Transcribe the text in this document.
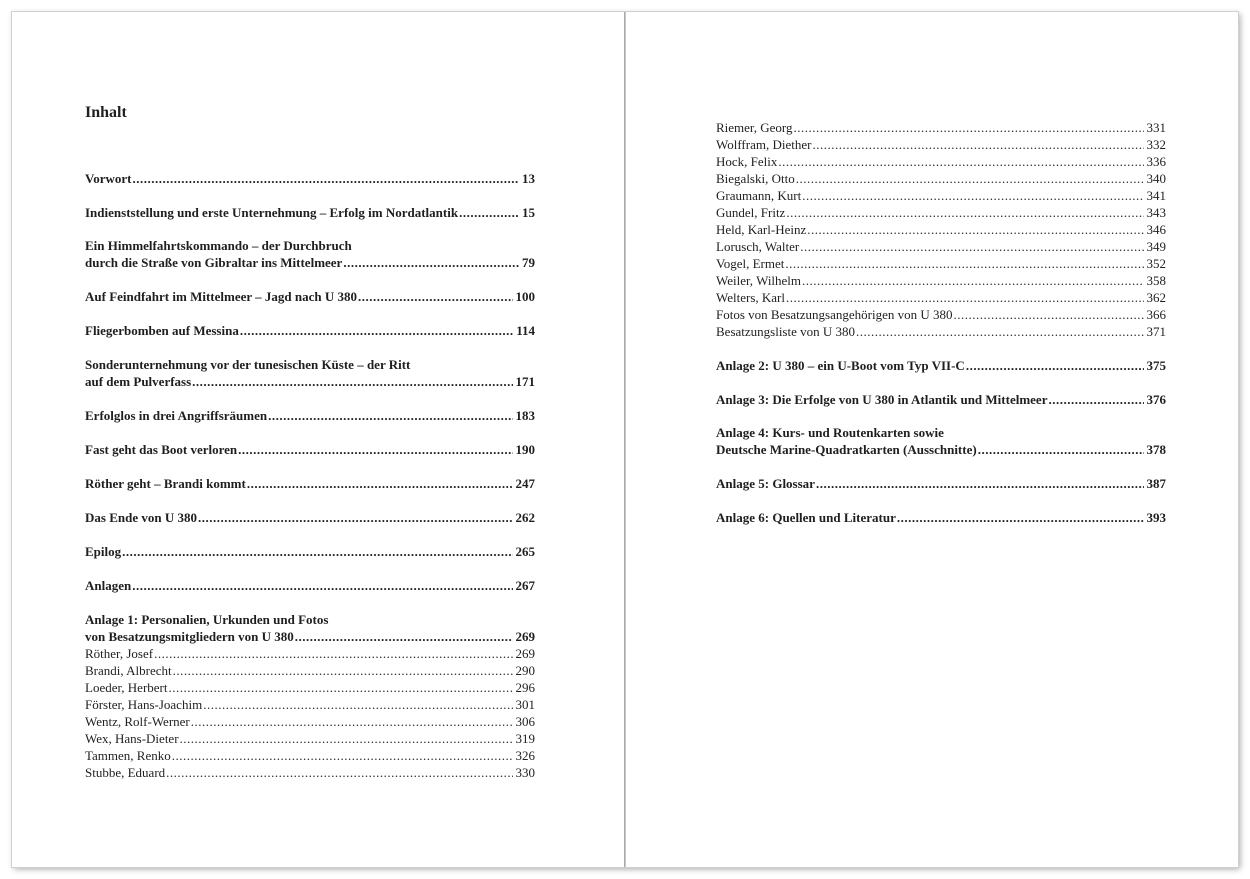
Inhalt
Vorwort .....	13
Indienststellung und erste Unternehmung – Erfolg im Nordatlantik .....	15
Ein Himmelfahrtskommando – der Durchbruch
durch die Straße von Gibraltar ins Mittelmeer .....	79
Auf Feindfahrt im Mittelmeer – Jagd nach U 380 .....	100
Fliegerbomben auf Messina .....	114
Sonderunternehmung vor der tunesischen Küste – der Ritt
auf dem Pulverfass .....	171
Erfolglos in drei Angriffsräumen .....	183
Fast geht das Boot verloren .....	190
Röther geht – Brandi kommt .....	247
Das Ende von U 380 .....	262
Epilog .....	265
Anlagen .....	267
Anlage 1: Personalien, Urkunden und Fotos
von Besatzungsmitgliedern von U 380 .....	269
Röther, Josef .....	269
Brandi, Albrecht .....	290
Loeder, Herbert .....	296
Förster, Hans-Joachim .....	301
Wentz, Rolf-Werner .....	306
Wex, Hans-Dieter .....	319
Tammen, Renko .....	326
Stubbe, Eduard .....	330
Riemer, Georg .....	331
Wolffram, Diether .....	332
Hock, Felix .....	336
Biegalski, Otto .....	340
Graumann, Kurt .....	341
Gundel, Fritz .....	343
Held, Karl-Heinz .....	346
Lorusch, Walter .....	349
Vogel, Ermet .....	352
Weiler, Wilhelm .....	358
Welters, Karl .....	362
Fotos von Besatzungsangehörigen von U 380 .....	366
Besatzungsliste von U 380 .....	371
Anlage 2: U 380 – ein U-Boot vom Typ VII-C .....	375
Anlage 3: Die Erfolge von U 380 in Atlantik und Mittelmeer .....	376
Anlage 4: Kurs- und Routenkarten sowie
Deutsche Marine-Quadratkarten (Ausschnitte) .....	378
Anlage 5: Glossar .....	387
Anlage 6: Quellen und Literatur .....	393
